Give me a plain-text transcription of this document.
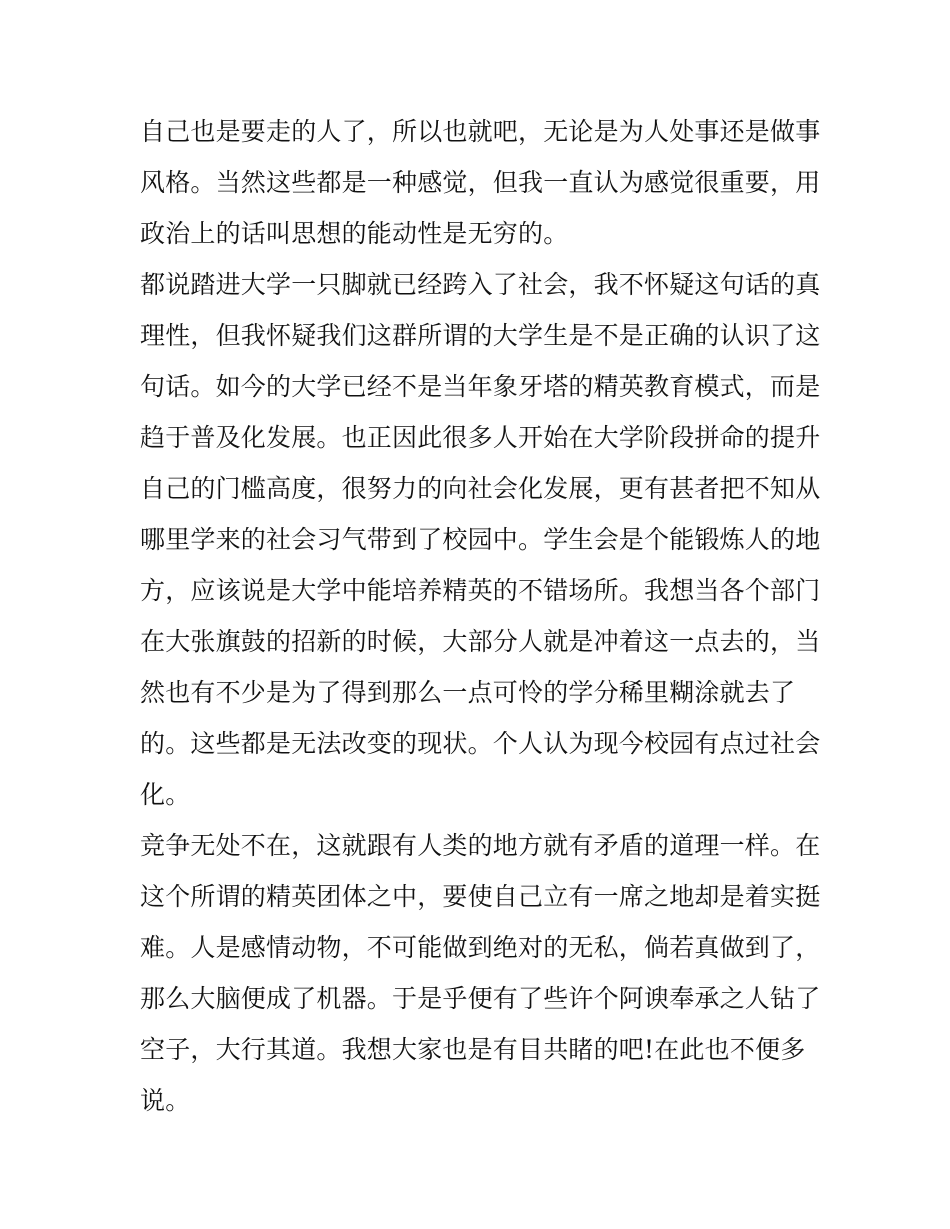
自己也是要走的人了，所以也就吧，无论是为人处事还是做事
风格。当然这些都是一种感觉，但我一直认为感觉很重要，用
政治上的话叫思想的能动性是无穷的。
都说踏进大学一只脚就已经跨入了社会，我不怀疑这句话的真
理性，但我怀疑我们这群所谓的大学生是不是正确的认识了这
句话。如今的大学已经不是当年象牙塔的精英教育模式，而是
趋于普及化发展。也正因此很多人开始在大学阶段拼命的提升
自己的门槛高度，很努力的向社会化发展，更有甚者把不知从
哪里学来的社会习气带到了校园中。学生会是个能锻炼人的地
方，应该说是大学中能培养精英的不错场所。我想当各个部门
在大张旗鼓的招新的时候，大部分人就是冲着这一点去的，当
然也有不少是为了得到那么一点可怜的学分稀里糊涂就去了
的。这些都是无法改变的现状。个人认为现今校园有点过社会
化。
竞争无处不在，这就跟有人类的地方就有矛盾的道理一样。在
这个所谓的精英团体之中，要使自己立有一席之地却是着实挺
难。人是感情动物，不可能做到绝对的无私，倘若真做到了，
那么大脑便成了机器。于是乎便有了些许个阿谀奉承之人钻了
空子，大行其道。我想大家也是有目共睹的吧!在此也不便多
说。
